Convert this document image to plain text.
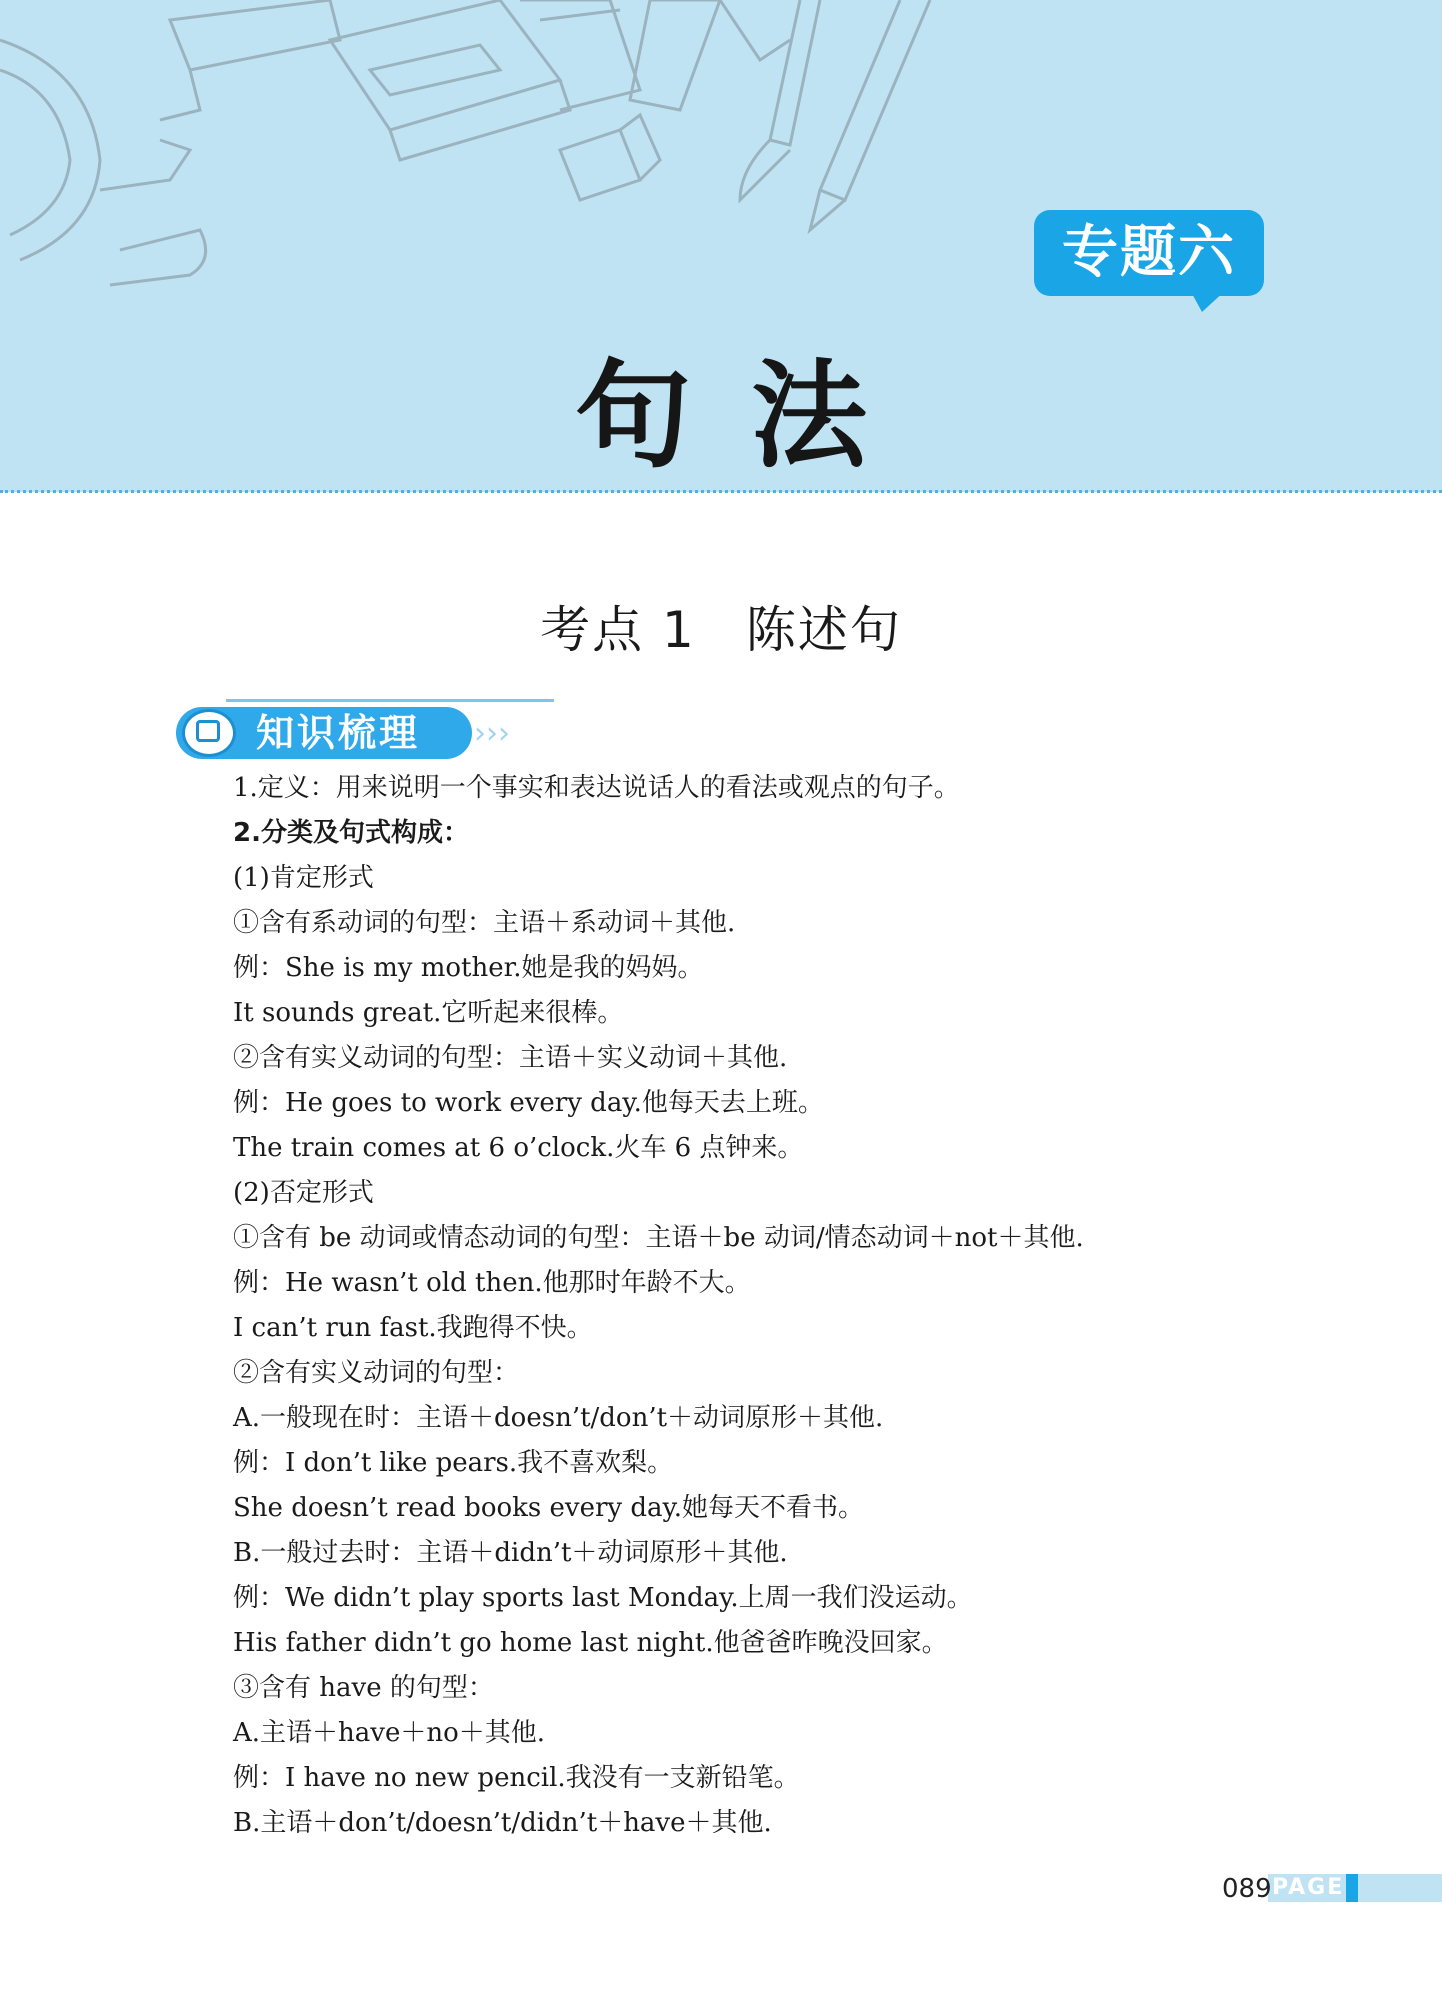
专题六
句法
考点 1 陈述句
知识梳理 ›››
1.定义：用来说明一个事实和表达说话人的看法或观点的句子。
2.分类及句式构成：
(1)肯定形式
①含有系动词的句型：主语＋系动词＋其他.
例：She is my mother.她是我的妈妈。
It sounds great.它听起来很棒。
②含有实义动词的句型：主语＋实义动词＋其他.
例：He goes to work every day.他每天去上班。
The train comes at 6 o’clock.火车 6 点钟来。
(2)否定形式
①含有 be 动词或情态动词的句型：主语＋be 动词/情态动词＋not＋其他.
例：He wasn’t old then.他那时年龄不大。
I can’t run fast.我跑得不快。
②含有实义动词的句型：
A.一般现在时：主语＋doesn’t/don’t＋动词原形＋其他.
例：I don’t like pears.我不喜欢梨。
She doesn’t read books every day.她每天不看书。
B.一般过去时：主语＋didn’t＋动词原形＋其他.
例：We didn’t play sports last Monday.上周一我们没运动。
His father didn’t go home last night.他爸爸昨晚没回家。
③含有 have 的句型：
A.主语＋have＋no＋其他.
例：I have no new pencil.我没有一支新铅笔。
B.主语＋don’t/doesn’t/didn’t＋have＋其他.
089 PAGE
